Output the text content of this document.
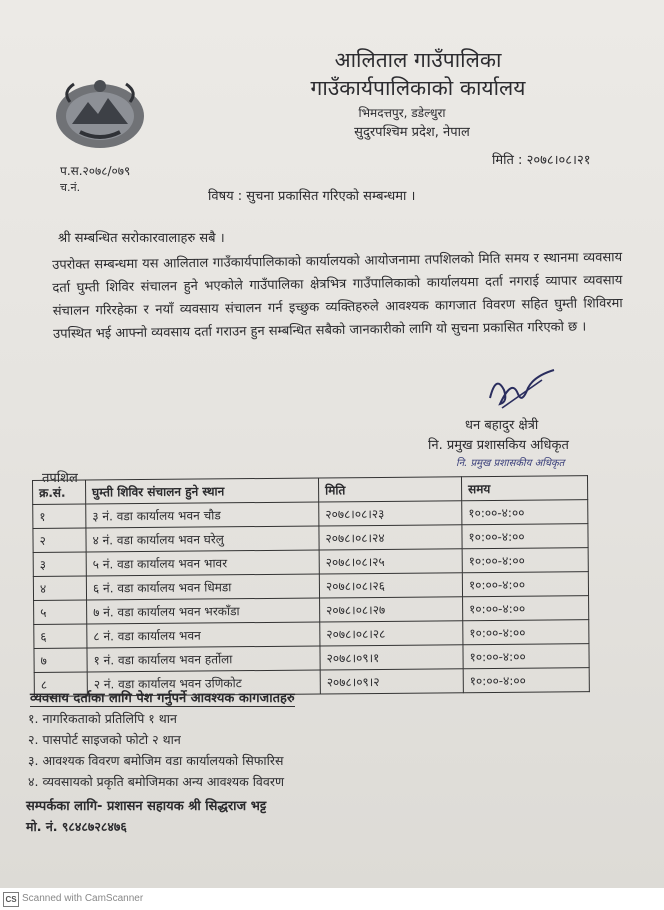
आलिताल गाउँपालिका
गाउँकार्यपालिकाको कार्यालय
भिमदत्तपुर, डडेल्धुरा
सुदुरपश्चिम प्रदेश, नेपाल
प.स.२०७८/०७९
च.नं.
मिति : २०७८।०८।२१
विषय : सुचना प्रकासित गरिएको सम्बन्धमा ।
श्री सम्बन्धित सरोकारवालाहरु सबै ।
उपरोक्त सम्बन्धमा यस आलिताल गाउँकार्यपालिकाको कार्यालयको आयोजनामा तपशिलको मिति समय र स्थानमा व्यवसाय दर्ता घुम्ती शिविर संचालन हुने भएकोले गाउँपालिका क्षेत्रभित्र गाउँपालिकाको कार्यालयमा दर्ता नगराई व्यापार व्यवसाय संचालन गरिरहेका र नयाँ व्यवसाय संचालन गर्न इच्छुक व्यक्तिहरुले आवश्यक कागजात विवरण सहित घुम्ती शिविरमा उपस्थित भई आफ्नो व्यवसाय दर्ता गराउन हुन सम्बन्धित सबैको जानकारीको लागि यो सुचना प्रकासित गरिएको छ ।
धन बहादुर क्षेत्री
नि. प्रमुख प्रशासकिय अधिकृत
नि. प्रमुख प्रशासकीय अधिकृत
तपशिल
क्र.सं.	घुम्ती शिविर संचालन हुने स्थान	मिति	समय
१	३ नं. वडा कार्यालय भवन चौड	२०७८।०८।२३	१०:००-४:००
२	४ नं. वडा कार्यालय भवन घरेलु	२०७८।०८।२४	१०:००-४:००
३	५ नं. वडा कार्यालय भवन भावर	२०७८।०८।२५	१०:००-४:००
४	६ नं. वडा कार्यालय भवन धिमडा	२०७८।०८।२६	१०:००-४:००
५	७ नं. वडा कार्यालय भवन भरकाँडा	२०७८।०८।२७	१०:००-४:००
६	८ नं. वडा कार्यालय भवन	२०७८।०८।२८	१०:००-४:००
७	१ नं. वडा कार्यालय भवन हर्तोला	२०७८।०९।१	१०:००-४:००
८	२ नं. वडा कार्यालय भवन उणिकोट	२०७८।०९।२	१०:००-४:००
व्यवसाय दर्ताका लागि पेश गर्नुपर्ने आवश्यक कागजातहरु
१. नागरिकताको प्रतिलिपि १ थान
२. पासपोर्ट साइजको फोटो २ थान
३. आवश्यक विवरण बमोजिम वडा कार्यालयको सिफारिस
४. व्यवसायको प्रकृति बमोजिमका अन्य आवश्यक विवरण
सम्पर्कका लागि- प्रशासन सहायक श्री सिद्धराज भट्ट
मो. नं. ९८४८७२८४७६
CS Scanned with CamScanner
